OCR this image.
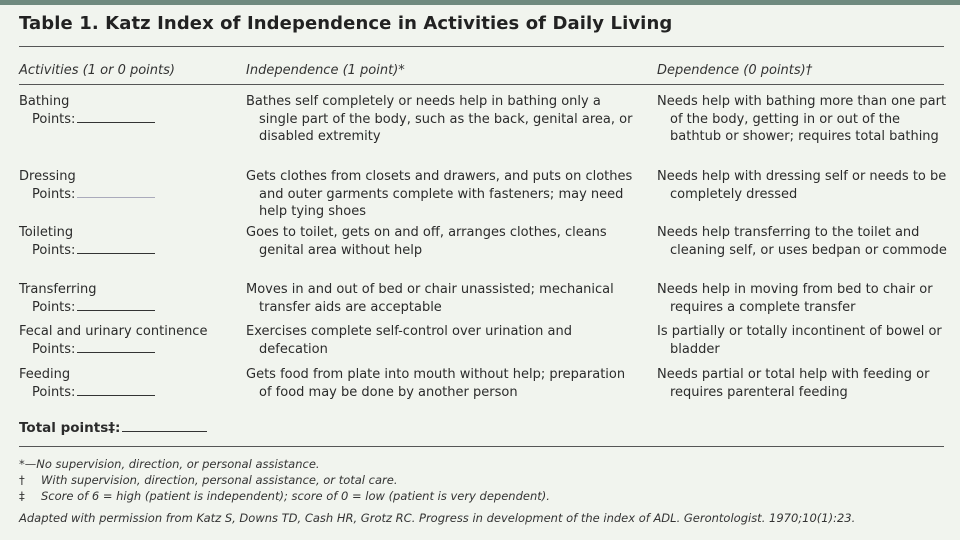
Table 1. Katz Index of Independence in Activities of Daily Living
Activities (1 or 0 points)	Independence (1 point)*	Dependence (0 points)†
Bathing
Points:

Bathes self completely or needs help in bathing only a single part of the body, such as the back, genital area, or disabled extremity

Needs help with bathing more than one part of the body, getting in or out of the bathtub or shower; requires total bathing

Dressing
Points:

Gets clothes from closets and drawers, and puts on clothes and outer garments complete with fasteners; may need help tying shoes

Needs help with dressing self or needs to be completely dressed

Toileting
Points:

Goes to toilet, gets on and off, arranges clothes, cleans genital area without help

Needs help transferring to the toilet and cleaning self, or uses bedpan or commode

Transferring
Points:

Moves in and out of bed or chair unassisted; mechanical transfer aids are acceptable

Needs help in moving from bed to chair or requires a complete transfer

Fecal and urinary continence
Points:

Exercises complete self-control over urination and defecation

Is partially or totally incontinent of bowel or bladder

Feeding
Points:

Gets food from plate into mouth without help; preparation of food may be done by another person

Needs partial or total help with feeding or requires parenteral feeding

Total points‡:
*—No supervision, direction, or personal assistance.
† With supervision, direction, personal assistance, or total care.
‡ Score of 6 = high (patient is independent); score of 0 = low (patient is very dependent).
Adapted with permission from Katz S, Downs TD, Cash HR, Grotz RC. Progress in development of the index of ADL. Gerontologist. 1970;10(1):23.
